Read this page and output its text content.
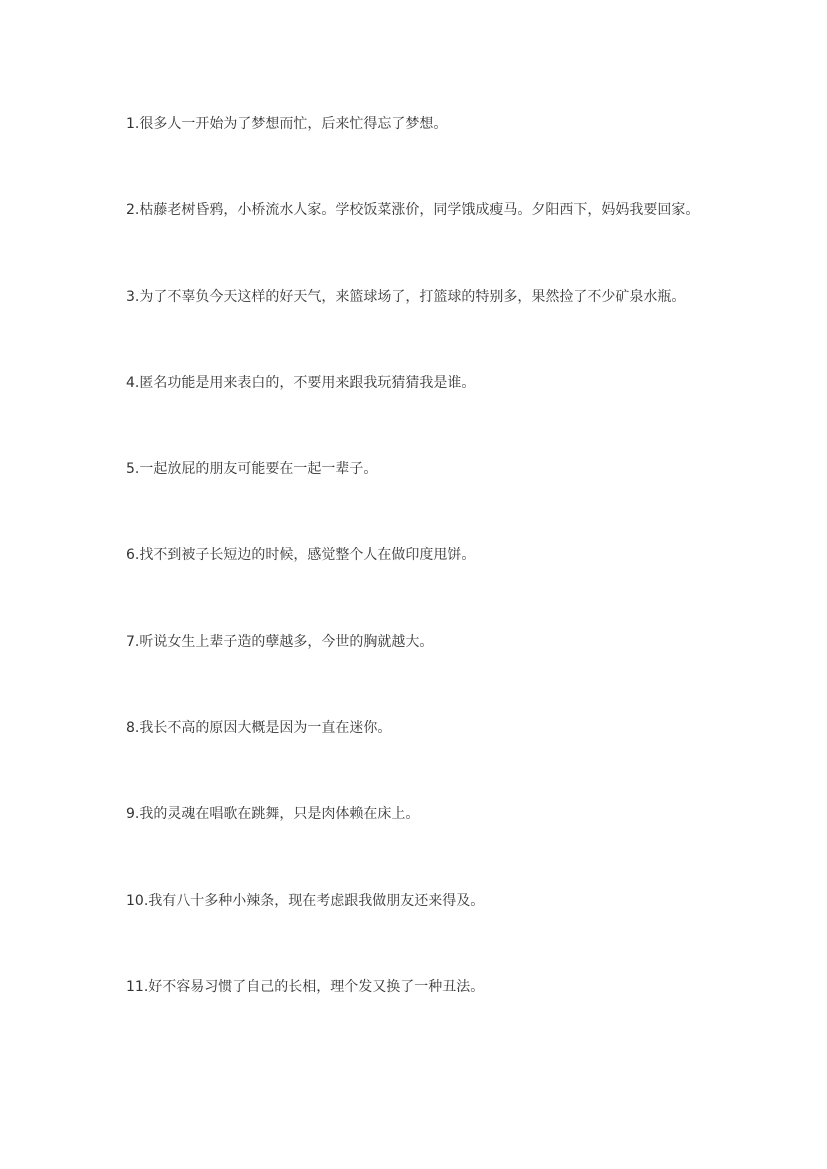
1.很多人一开始为了梦想而忙，后来忙得忘了梦想。
2.枯藤老树昏鸦，小桥流水人家。学校饭菜涨价，同学饿成瘦马。夕阳西下，妈妈我要回家。
3.为了不辜负今天这样的好天气，来篮球场了，打篮球的特别多，果然捡了不少矿泉水瓶。
4.匿名功能是用来表白的，不要用来跟我玩猜猜我是谁。
5.一起放屁的朋友可能要在一起一辈子。
6.找不到被子长短边的时候，感觉整个人在做印度甩饼。
7.听说女生上辈子造的孽越多，今世的胸就越大。
8.我长不高的原因大概是因为一直在迷你。
9.我的灵魂在唱歌在跳舞，只是肉体赖在床上。
10.我有八十多种小辣条，现在考虑跟我做朋友还来得及。
11.好不容易习惯了自己的长相，理个发又换了一种丑法。
